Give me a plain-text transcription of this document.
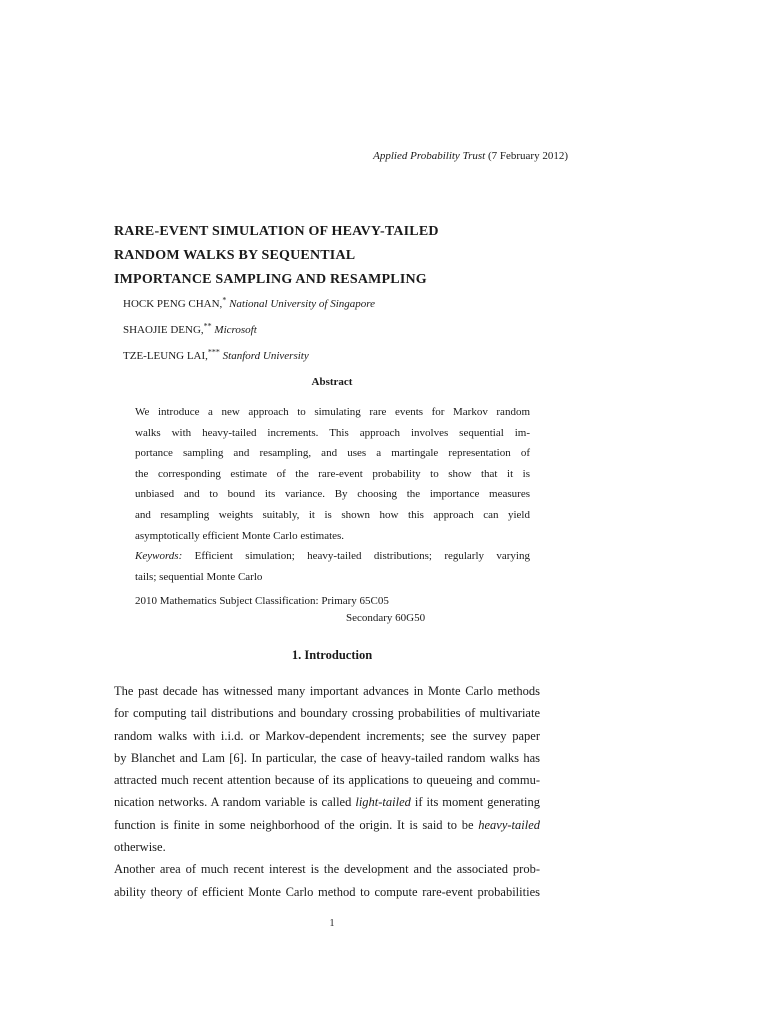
Applied Probability Trust (7 February 2012)
RARE-EVENT SIMULATION OF HEAVY-TAILED
RANDOM WALKS BY SEQUENTIAL
IMPORTANCE SAMPLING AND RESAMPLING
HOCK PENG CHAN,* National University of Singapore
SHAOJIE DENG,** Microsoft
TZE-LEUNG LAI,*** Stanford University
Abstract
We introduce a new approach to simulating rare events for Markov random
walks with heavy-tailed increments. This approach involves sequential im-
portance sampling and resampling, and uses a martingale representation of
the corresponding estimate of the rare-event probability to show that it is
unbiased and to bound its variance. By choosing the importance measures
and resampling weights suitably, it is shown how this approach can yield
asymptotically efficient Monte Carlo estimates.
Keywords: Efficient simulation; heavy-tailed distributions; regularly varying
tails; sequential Monte Carlo
2010 Mathematics Subject Classification: Primary 65C05
Secondary 60G50
1. Introduction
The past decade has witnessed many important advances in Monte Carlo methods
for computing tail distributions and boundary crossing probabilities of multivariate
random walks with i.i.d. or Markov-dependent increments; see the survey paper
by Blanchet and Lam [6]. In particular, the case of heavy-tailed random walks has
attracted much recent attention because of its applications to queueing and commu-
nication networks. A random variable is called light-tailed if its moment generating
function is finite in some neighborhood of the origin. It is said to be heavy-tailed
otherwise.
Another area of much recent interest is the development and the associated prob-
ability theory of efficient Monte Carlo method to compute rare-event probabilities
1
